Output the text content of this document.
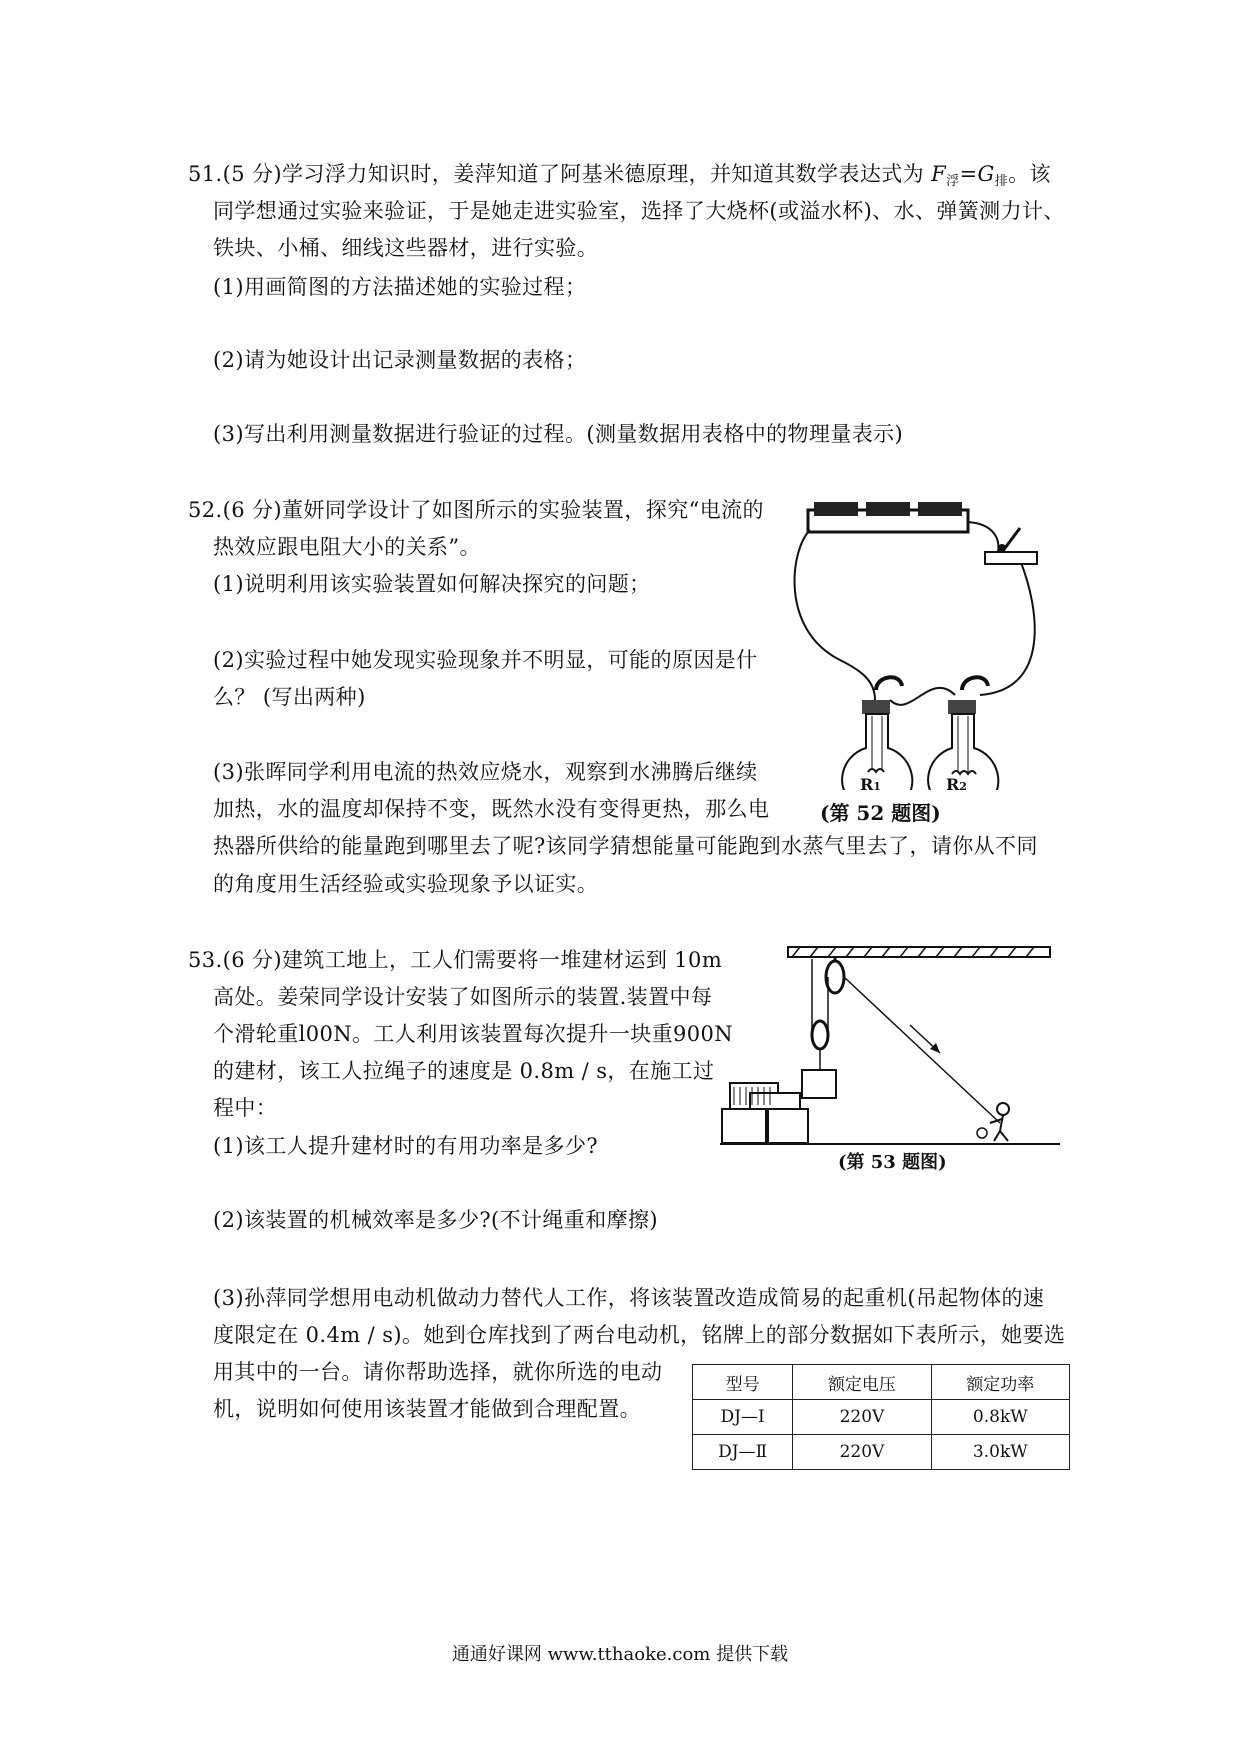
51.(5 分)学习浮力知识时，姜萍知道了阿基米德原理，并知道其数学表达式为 $F_浮=G_排$。该
同学想通过实验来验证，于是她走进实验室，选择了大烧杯(或溢水杯)、水、弹簧测力计、
铁块、小桶、细线这些器材，进行实验。
(1)用画简图的方法描述她的实验过程；
(2)请为她设计出记录测量数据的表格；
(3)写出利用测量数据进行验证的过程。(测量数据用表格中的物理量表示)
52.(6 分)董妍同学设计了如图所示的实验装置，探究“电流的
热效应跟电阻大小的关系”。
(1)说明利用该实验装置如何解决探究的问题；
(2)实验过程中她发现实验现象并不明显，可能的原因是什
么？ (写出两种)
(3)张晖同学利用电流的热效应烧水，观察到水沸腾后继续
加热，水的温度却保持不变，既然水没有变得更热，那么电
热器所供给的能量跑到哪里去了呢?该同学猜想能量可能跑到水蒸气里去了，请你从不同
的角度用生活经验或实验现象予以证实。
R1	R2
(第 52 题图)
53.(6 分)建筑工地上，工人们需要将一堆建材运到 10m
高处。姜荣同学设计安装了如图所示的装置.装置中每
个滑轮重l00N。工人利用该装置每次提升一块重900N
的建材，该工人拉绳子的速度是 0.8m / s，在施工过
程中：
(1)该工人提升建材时的有用功率是多少?
(2)该装置的机械效率是多少?(不计绳重和摩擦)
(3)孙萍同学想用电动机做动力替代人工作，将该装置改造成简易的起重机(吊起物体的速
度限定在 0.4m / s)。她到仓库找到了两台电动机，铭牌上的部分数据如下表所示，她要选
用其中的一台。请你帮助选择，就你所选的电动
机，说明如何使用该装置才能做到合理配置。
(第 53 题图)
型号	额定电压	额定功率
DJ—Ⅰ	220V	0.8kW
DJ—Ⅱ	220V	3.0kW
通通好课网 www.tthaoke.com 提供下载
